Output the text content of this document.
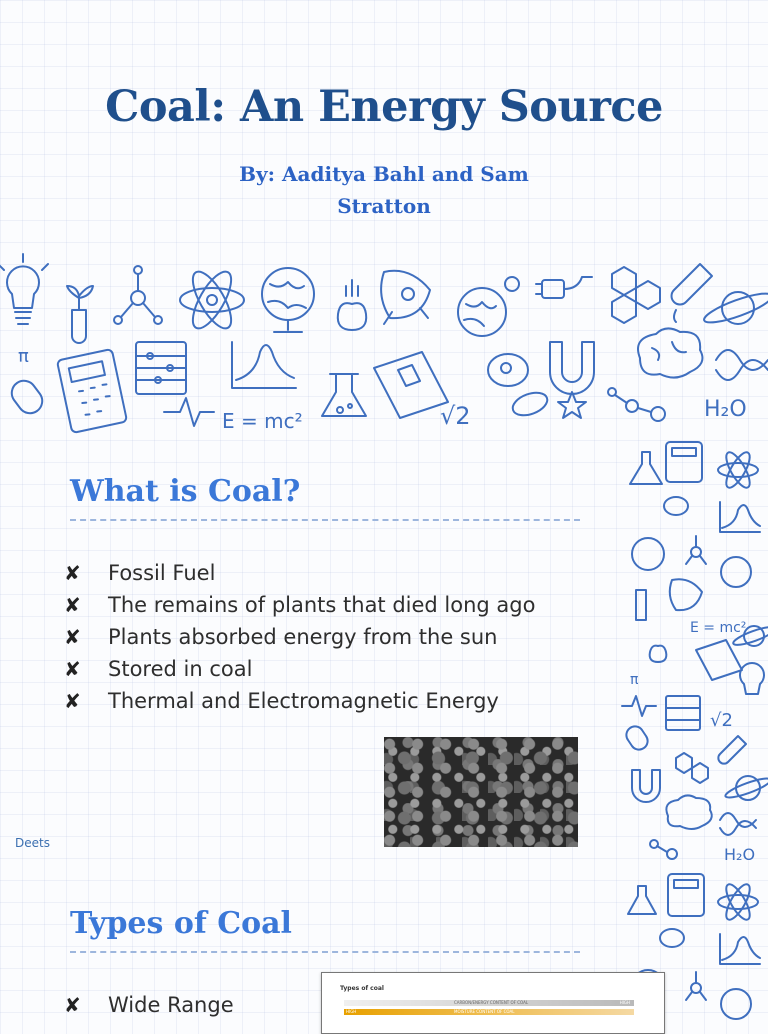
Coal: An Energy Source
By: Aaditya Bahl and Sam
Stratton
π
E = mc²	√2	H₂O
E = mc²
π
√2
H₂O
What is Coal?
✘	Fossil Fuel
✘	The remains of plants that died long ago
✘	Plants absorbed energy from the sun
✘	Stored in coal
✘	Thermal and Electromagnetic Energy
Deets
Types of Coal
✘	Wide Range
Types of coal
CARBON/ENERGY CONTENT OF COAL	HIGH
HIGH	MOISTURE CONTENT OF COAL
